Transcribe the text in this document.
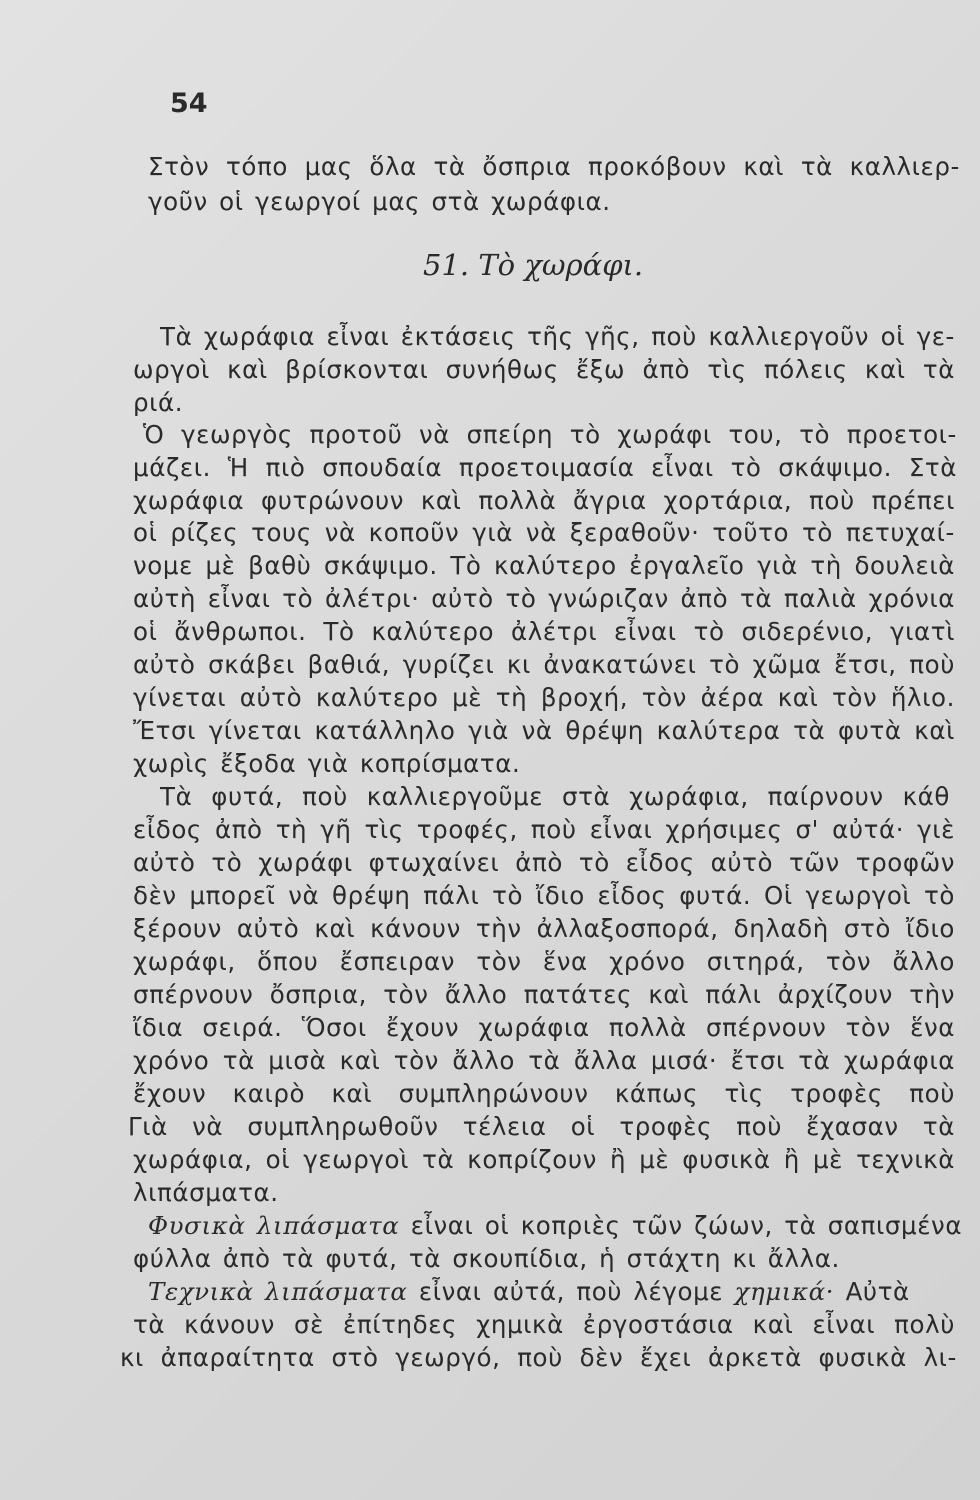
54
Στὸν τόπο μας ὅλα τὰ ὄσπρια προκόβουν καὶ τὰ καλλιερ-
γοῦν οἱ γεωργοί μας στὰ χωράφια.
51. Τὸ χωράφι.
Τὰ χωράφια εἶναι ἐκτάσεις τῆς γῆς, ποὺ καλλιεργοῦν οἱ γε-
ωργοὶ καὶ βρίσκονται συνήθως ἔξω ἀπὸ τὶς πόλεις καὶ τὰ
ριά.
Ὁ γεωργὸς προτοῦ νὰ σπείρη τὸ χωράφι του, τὸ προετοι-
μάζει. Ἡ πιὸ σπουδαία προετοιμασία εἶναι τὸ σκάψιμο. Στὰ
χωράφια φυτρώνουν καὶ πολλὰ ἄγρια χορτάρια, ποὺ πρέπει
οἱ ρίζες τους νὰ κοποῦν γιὰ νὰ ξεραθοῦν· τοῦτο τὸ πετυχαί-
νομε μὲ βαθὺ σκάψιμο. Τὸ καλύτερο ἐργαλεῖο γιὰ τὴ δουλειὰ
αὐτὴ εἶναι τὸ ἀλέτρι· αὐτὸ τὸ γνώριζαν ἀπὸ τὰ παλιὰ χρόνια
οἱ ἄνθρωποι. Τὸ καλύτερο ἀλέτρι εἶναι τὸ σιδερένιο, γιατὶ
αὐτὸ σκάβει βαθιά, γυρίζει κι ἀνακατώνει τὸ χῶμα ἔτσι, ποὺ
γίνεται αὐτὸ καλύτερο μὲ τὴ βροχή, τὸν ἀέρα καὶ τὸν ἥλιο.
Ἔτσι γίνεται κατάλληλο γιὰ νὰ θρέψη καλύτερα τὰ φυτὰ καὶ
χωρὶς ἔξοδα γιὰ κοπρίσματα.
Τὰ φυτά, ποὺ καλλιεργοῦμε στὰ χωράφια, παίρνουν κάθ
εἶδος ἀπὸ τὴ γῆ τὶς τροφές, ποὺ εἶναι χρήσιμες σ' αὐτά· γιὲ
αὐτὸ τὸ χωράφι φτωχαίνει ἀπὸ τὸ εἶδος αὐτὸ τῶν τροφῶν
δὲν μπορεῖ νὰ θρέψη πάλι τὸ ἴδιο εἶδος φυτά. Οἱ γεωργοὶ τὸ
ξέρουν αὐτὸ καὶ κάνουν τὴν ἀλλαξοσπορά, δηλαδὴ στὸ ἴδιο
χωράφι, ὅπου ἔσπειραν τὸν ἕνα χρόνο σιτηρά, τὸν ἄλλο
σπέρνουν ὄσπρια, τὸν ἄλλο πατάτες καὶ πάλι ἀρχίζουν τὴν
ἴδια σειρά. Ὅσοι ἔχουν χωράφια πολλὰ σπέρνουν τὸν ἕνα
χρόνο τὰ μισὰ καὶ τὸν ἄλλο τὰ ἄλλα μισά· ἔτσι τὰ χωράφια
ἔχουν καιρὸ καὶ συμπληρώνουν κάπως τὶς τροφὲς ποὺ
Γιὰ νὰ συμπληρωθοῦν τέλεια οἱ τροφὲς ποὺ ἔχασαν τὰ
χωράφια, οἱ γεωργοὶ τὰ κοπρίζουν ἢ μὲ φυσικὰ ἢ μὲ τεχνικὰ
λιπάσματα.
Φυσικὰ λιπάσματα εἶναι οἱ κοπριὲς τῶν ζώων, τὰ σαπισμένα
φύλλα ἀπὸ τὰ φυτά, τὰ σκουπίδια, ἡ στάχτη κι ἄλλα.
Τεχνικὰ λιπάσματα εἶναι αὐτά, ποὺ λέγομε χημικά· Αὐτὰ
τὰ κάνουν σὲ ἐπίτηδες χημικὰ ἐργοστάσια καὶ εἶναι πολὺ
κι ἀπαραίτητα στὸ γεωργό, ποὺ δὲν ἔχει ἀρκετὰ φυσικὰ λι-
